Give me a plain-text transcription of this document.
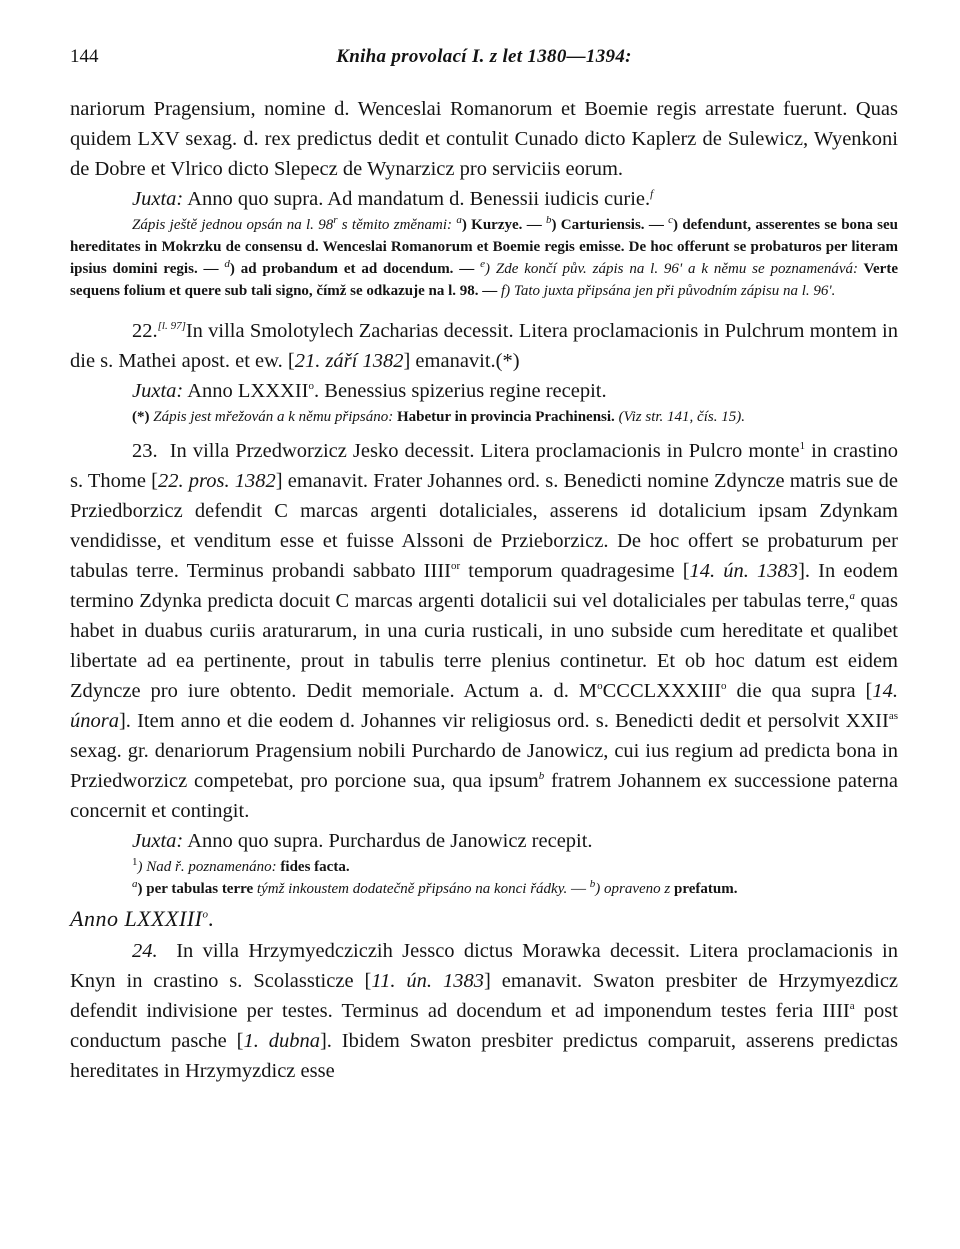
144	Kniha provolací I. z let 1380—1394:

nariorum Pragensium, nomine d. Wenceslai Romanorum et Boemie regis arrestate fuerunt. Quas quidem LXV sexag. d. rex predictus dedit et contulit Cunado dicto Kaplerz de Sulewicz, Wyenkoni de Dobre et Vlrico dicto Slepecz de Wynarzicz pro serviciis eorum.

Juxta: Anno quo supra. Ad mandatum d. Benessii iudicis curie.$^f$

Zápis ještě jednou opsán na l. 98$^r$ s těmito změnami: $^a$) Kurzye. — $^b$) Carturiensis. — $^c$) defendunt, asserentes se bona seu hereditates in Mokrzku de consensu d. Wenceslai Romanorum et Boemie regis emisse. De hoc offerunt se probaturos per literam ipsius domini regis. — $^d$) ad probandum et ad docendum. — $^e$) Zde končí pův. zápis na l. 96' a k němu se poznamenává: Verte sequens folium et quere sub tali signo, čímž se odkazuje na l. 98. — f) Tato juxta připsána jen při původním zápisu na l. 96'.

22.[l. 97]In villa Smolotylech Zacharias decessit. Litera proclamacionis in Pulchrum montem in die s. Mathei apost. et ew. [21. září 1382] emanavit.(*)

Juxta: Anno LXXXII$^o$. Benessius spizerius regine recepit.

(*) Zápis jest mřežován a k němu připsáno: Habetur in provincia Prachinensi. (Viz str. 141, čís. 15).

23. In villa Przedworzicz Jesko decessit. Litera proclamacionis in Pulcro monte$^1$ in crastino s. Thome [22. pros. 1382] emanavit. Frater Johannes ord. s. Benedicti nomine Zdyncze matris sue de Prziedborzicz defendit C marcas argenti dotaliciales, asserens id dotalicium ipsam Zdynkam vendidisse, et venditum esse et fuisse Alssoni de Przieborzicz. De hoc offert se probaturum per tabulas terre. Terminus probandi sabbato $IIII^{or}$ temporum quadragesime [14. ún. 1383]. In eodem termino Zdynka predicta docuit C marcas argenti dotalicii sui vel dotaliciales per tabulas terre,$^a$ quas habet in duabus curiis araturarum, in una curia rusticali, in uno subside cum hereditate et qualibet libertate ad ea pertinente, prout in tabulis terre plenius continetur. Et ob hoc datum est eidem Zdyncze pro iure obtento. Dedit memoriale. Actum a. d. $M^oCCCLXXXIII^o$ die qua supra [14. února]. Item anno et die eodem d. Johannes vir religiosus ord. s. Benedicti dedit et persolvit $XXII^{as}$ sexag. gr. denariorum Pragensium nobili Purchardo de Janowicz, cui ius regium ad predicta bona in Prziedworzicz competebat, pro porcione sua, qua ipsum$^b$ fratrem Johannem ex successione paterna concernit et contingit.

Juxta: Anno quo supra. Purchardus de Janowicz recepit.

$^1$) Nad ř. poznamenáno: fides facta.

$^a$) per tabulas terre týmž inkoustem dodatečně připsáno na konci řádky. — $^b$) opraveno z prefatum.

Anno LXXXIII$^o$.

24. In villa Hrzymyedcziczih Jessco dictus Morawka decessit. Litera proclamacionis in Knyn in crastino s. Scolassticze [11. ún. 1383] emanavit. Swaton presbiter de Hrzymyezdicz defendit indivisione per testes. Terminus ad docendum et ad imponendum testes feria IIII$^a$ post conductum pasche [1. dubna]. Ibidem Swaton presbiter predictus comparuit, asserens predictas hereditates in Hrzymyzdicz esse
